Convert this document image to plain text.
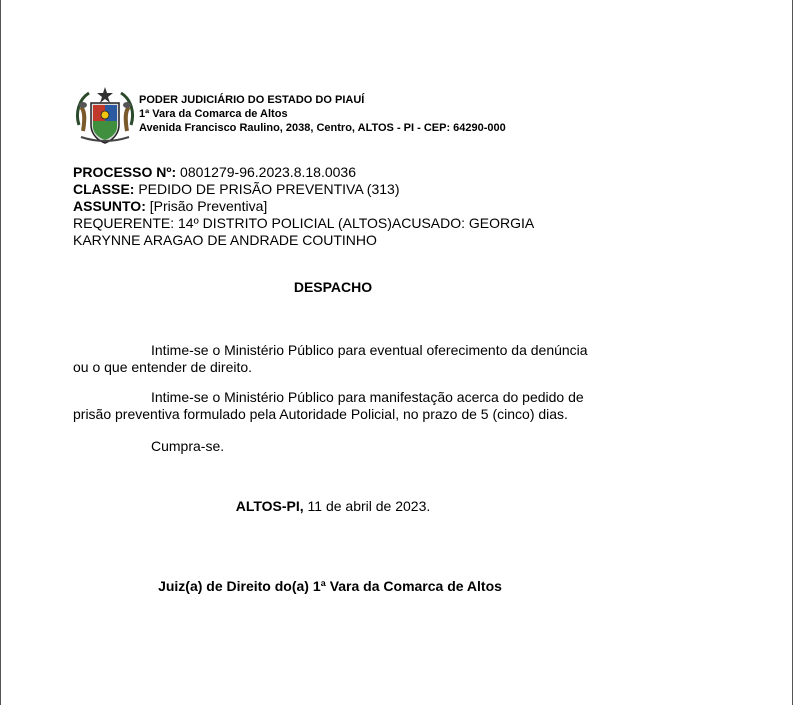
PODER JUDICIÁRIO DO ESTADO DO PIAUÍ
1ª Vara da Comarca de Altos
Avenida Francisco Raulino, 2038, Centro, ALTOS - PI - CEP: 64290-000
PROCESSO Nº: 0801279-96.2023.8.18.0036
CLASSE: PEDIDO DE PRISÃO PREVENTIVA (313)
ASSUNTO: [Prisão Preventiva]
REQUERENTE: 14º DISTRITO POLICIAL (ALTOS)ACUSADO: GEORGIA
KARYNNE ARAGAO DE ANDRADE COUTINHO
DESPACHO
Intime-se o Ministério Público para eventual oferecimento da denúncia ou o que entender de direito.
Intime-se o Ministério Público para manifestação acerca do pedido de prisão preventiva formulado pela Autoridade Policial, no prazo de 5 (cinco) dias.
Cumpra-se.
ALTOS-PI, 11 de abril de 2023.
Juiz(a) de Direito do(a) 1ª Vara da Comarca de Altos
